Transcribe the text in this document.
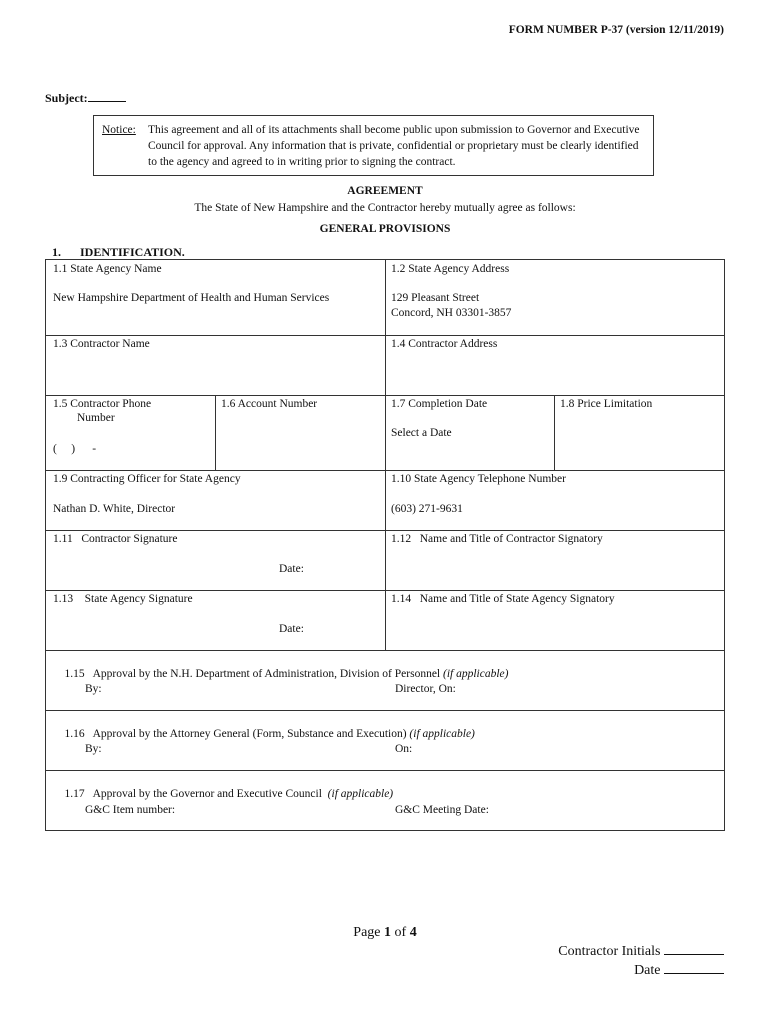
FORM NUMBER P-37 (version 12/11/2019)
Subject:
Notice: This agreement and all of its attachments shall become public upon submission to Governor and Executive Council for approval. Any information that is private, confidential or proprietary must be clearly identified to the agency and agreed to in writing prior to signing the contract.
AGREEMENT
The State of New Hampshire and the Contractor hereby mutually agree as follows:
GENERAL PROVISIONS
1. IDENTIFICATION.
1.1 State Agency Name
New Hampshire Department of Health and Human Services
1.2 State Agency Address
129 Pleasant Street
Concord, NH 03301-3857
1.3 Contractor Name	1.4 Contractor Address
1.5 Contractor Phone
Number
(     )      -
1.6 Account Number	1.7 Completion Date
Select a Date
1.8 Price Limitation
1.9 Contracting Officer for State Agency
Nathan D. White, Director
1.10 State Agency Telephone Number
(603) 271-9631
1.11   Contractor Signature
Date:
1.12   Name and Title of Contractor Signatory
1.13    State Agency Signature
Date:
1.14   Name and Title of State Agency Signatory

1.15   Approval by the N.H. Department of Administration, Division of Personnel (if applicable)

By:	Director, On:

1.16   Approval by the Attorney General (Form, Substance and Execution) (if applicable)

By:	On:

1.17   Approval by the Governor and Executive Council (if applicable)

G&C Item number:	G&C Meeting Date:
Page 1 of 4
Contractor Initials
Date
